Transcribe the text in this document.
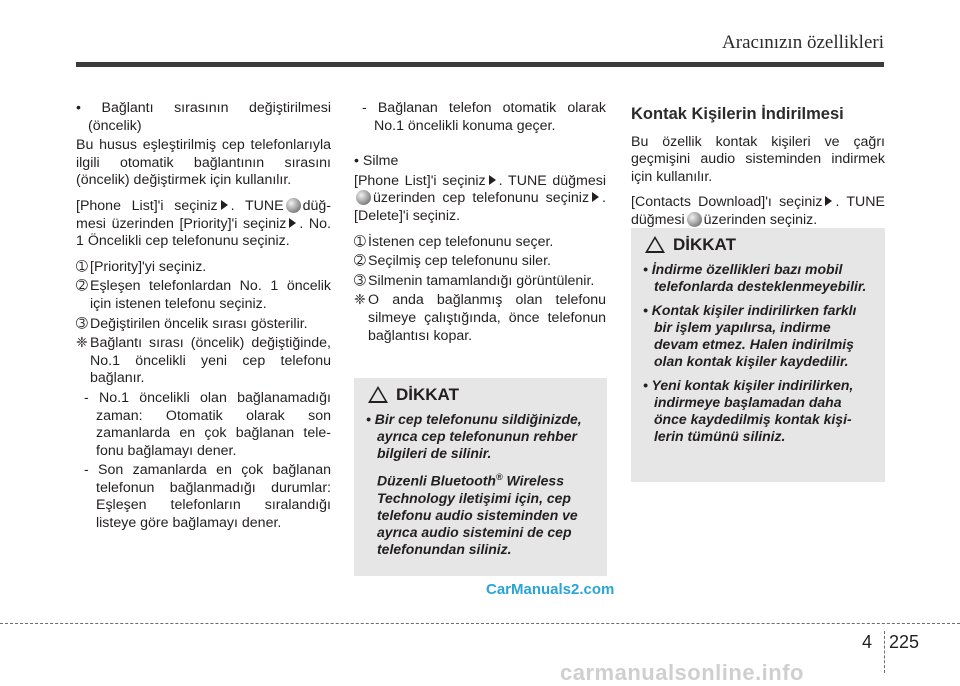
Aracınızın özellikleri

• Bağlantı sırasının değiştirilmesi (öncelik)

Bu husus eşleştirilmiş cep telefonlarıyla ilgili otomatik bağlantının sırasını (öncelik) değiştirmek için kullanılır.

[Phone List]'i seçiniz . TUNE düğmesi üzerinden [Priority]'i seçiniz . No. 1 Öncelikli cep telefonunu seçiniz.

➀ [Priority]'yi seçiniz.

➁ Eşleşen telefonlardan No. 1 öncelik için istenen telefonu seçiniz.

➂ Değiştirilen öncelik sırası gösterilir.

❈ Bağlantı sırası (öncelik) değiştiğinde, No.1 öncelikli yeni cep telefonu bağlanır.

- No.1 öncelikli olan bağlanamadığı zaman: Otomatik olarak son zamanlarda en çok bağlanan telefonu bağlamayı dener.

- Son zamanlarda en çok bağlanan telefonun bağlanmadığı durumlar: Eşleşen telefonların sıralandığı listeye göre bağlamayı dener.

- Bağlanan telefon otomatik olarak No.1 öncelikli konuma geçer.

• Silme

[Phone List]'i seçiniz . TUNE düğmesiüzerinden cep telefonunu seçiniz . [Delete]'i seçiniz.

➀ İstenen cep telefonunu seçer.

➁ Seçilmiş cep telefonunu siler.

➂ Silmenin tamamlandığı görüntülenir.

❈ O anda bağlanmış olan telefonu silmeye çalıştığında, önce telefonun bağlantısı kopar.

! DİKKAT

• Bir cep telefonunu sildiğinizde, ayrıca cep telefonunun rehber bilgileri de silinir.

Düzenli Bluetooth® Wireless Technology iletişimi için, cep telefonu audio sisteminden ve ayrıca audio sistemini de cep telefonundan siliniz.

Kontak Kişilerin İndirilmesi

Bu özellik kontak kişileri ve çağrı geçmişini audio sisteminden indirmek için kullanılır.

[Contacts Download]'ı seçiniz . TUNE düğmesi üzerinden seçiniz.

! DİKKAT

• İndirme özellikleri bazı mobil telefonlarda desteklenmeyebilir.

• Kontak kişiler indirilirken farklı bir işlem yapılırsa, indirme devam etmez. Halen indirilmiş olan kontak kişiler kaydedilir.

• Yeni kontak kişiler indirilirken, indirmeye başlamadan daha önce kaydedilmiş kontak kişilerin tümünü siliniz.

CarManuals2.com
4 225
carmanualsonline.info
